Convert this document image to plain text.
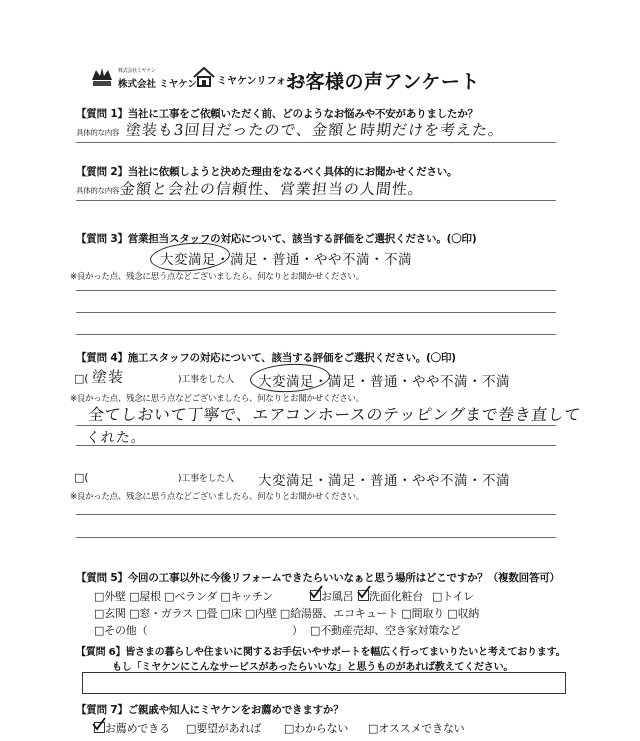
株式会社ミヤケン
株式会社 ミヤケン ミヤケンリフォーム
お客様の声アンケート
【質問 1】当社に工事をご依頼いただく前、どのようなお悩みや不安がありましたか？
具体的な内容 塗装も3回目だったので、金額と時期だけを考えた。
【質問 2】当社に依頼しようと決めた理由をなるべく具体的にお聞かせください。
具体的な内容 金額と会社の信頼性、営業担当の人間性。
【質問 3】営業担当スタッフの対応について、該当する評価をご選択ください。(〇印)
大変満足・満足・普通・やや不満・不満
※良かった点、残念に思う点などございましたら、何なりとお聞かせください。
【質問 4】施工スタッフの対応について、該当する評価をご選択ください。(〇印)
□( 塗装	)工事をした人 大変満足・満足・普通・やや不満・不満
※良かった点、残念に思う点などございましたら、何なりとお聞かせください。
全てしおいて丁寧で、エアコンホースのテッピングまで巻き直して
くれた。
□(	)工事をした人 大変満足・満足・普通・やや不満・不満
※良かった点、残念に思う点などございましたら、何なりとお聞かせください。
【質問 5】今回の工事以外に今後リフォームできたらいいなぁと思う場所はどこですか？（複数回答可）
□外壁 □屋根 □ベランダ □キッチン	お風呂 洗面化粧台 □トイレ
□玄関 □窓・ガラス □畳 □床 □内壁 □給湯器、エコキュート □間取り □収納
□その他（	） □不動産売却、空き家対策など
【質問 6】皆さまの暮らしや住まいに関するお手伝いやサポートを幅広く行ってまいりたいと考えております。
もし「ミヤケンにこんなサービスがあったらいいな」と思うものがあれば教えてください。
【質問 7】ご親戚や知人にミヤケンをお薦めできますか？
お薦めできる □要望があれば □わからない □オススメできない
